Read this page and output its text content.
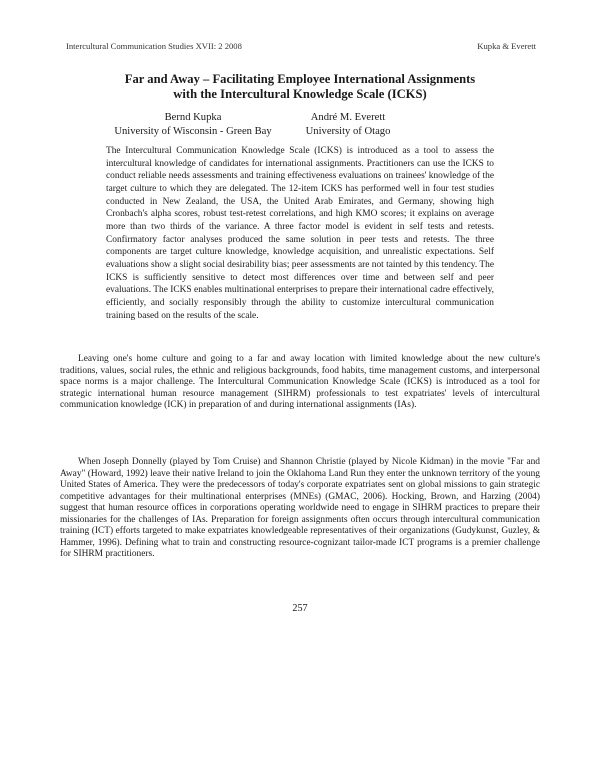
Intercultural Communication Studies XVII: 2 2008	Kupka & Everett
Far and Away – Facilitating Employee International Assignments
with the Intercultural Knowledge Scale (ICKS)
Bernd Kupka
University of Wisconsin - Green Bay
André M. Everett
University of Otago

The Intercultural Communication Knowledge Scale (ICKS) is introduced as a tool to assess the intercultural knowledge of candidates for international assignments. Practitioners can use the ICKS to conduct reliable needs assessments and training effectiveness evaluations on trainees' knowledge of the target culture to which they are delegated. The 12-item ICKS has performed well in four test studies conducted in New Zealand, the USA, the United Arab Emirates, and Germany, showing high Cronbach's alpha scores, robust test-retest correlations, and high KMO scores; it explains on average more than two thirds of the variance. A three factor model is evident in self tests and retests. Confirmatory factor analyses produced the same solution in peer tests and retests. The three components are target culture knowledge, knowledge acquisition, and unrealistic expectations. Self evaluations show a slight social desirability bias; peer assessments are not tainted by this tendency. The ICKS is sufficiently sensitive to detect most differences over time and between self and peer evaluations. The ICKS enables multinational enterprises to prepare their international cadre effectively, efficiently, and socially responsibly through the ability to customize intercultural communication training based on the results of the scale.

Leaving one's home culture and going to a far and away location with limited knowledge about the new culture's traditions, values, social rules, the ethnic and religious backgrounds, food habits, time management customs, and interpersonal space norms is a major challenge. The Intercultural Communication Knowledge Scale (ICKS) is introduced as a tool for strategic international human resource management (SIHRM) professionals to test expatriates' levels of intercultural communication knowledge (ICK) in preparation of and during international assignments (IAs).

When Joseph Donnelly (played by Tom Cruise) and Shannon Christie (played by Nicole Kidman) in the movie "Far and Away" (Howard, 1992) leave their native Ireland to join the Oklahoma Land Run they enter the unknown territory of the young United States of America. They were the predecessors of today's corporate expatriates sent on global missions to gain strategic competitive advantages for their multinational enterprises (MNEs) (GMAC, 2006). Hocking, Brown, and Harzing (2004) suggest that human resource offices in corporations operating worldwide need to engage in SIHRM practices to prepare their missionaries for the challenges of IAs. Preparation for foreign assignments often occurs through intercultural communication training (ICT) efforts targeted to make expatriates knowledgeable representatives of their organizations (Gudykunst, Guzley, & Hammer, 1996). Defining what to train and constructing resource-cognizant tailor-made ICT programs is a premier challenge for SIHRM practitioners.

257
